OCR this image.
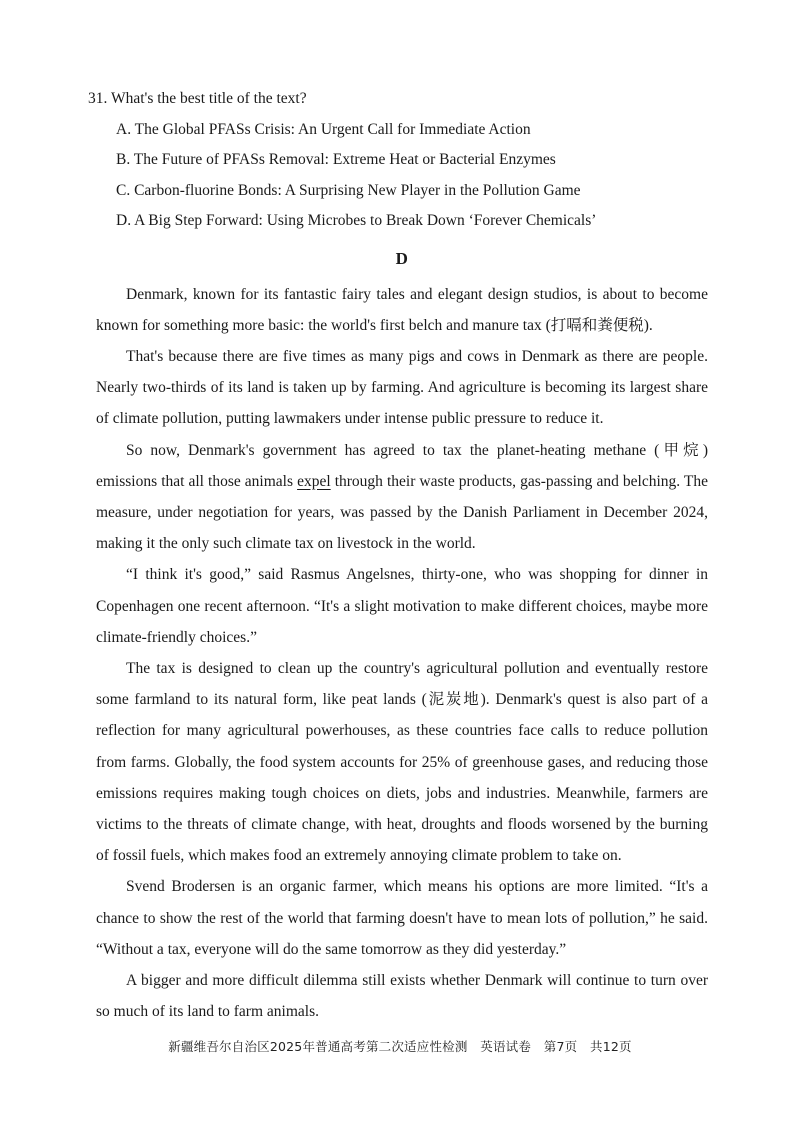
31. What's the best title of the text?
A. The Global PFASs Crisis: An Urgent Call for Immediate Action
B. The Future of PFASs Removal: Extreme Heat or Bacterial Enzymes
C. Carbon-fluorine Bonds: A Surprising New Player in the Pollution Game
D. A Big Step Forward: Using Microbes to Break Down ‘Forever Chemicals’
D

Denmark, known for its fantastic fairy tales and elegant design studios, is about to become known for something more basic: the world's first belch and manure tax (打嗝和粪便税).

That's because there are five times as many pigs and cows in Denmark as there are people. Nearly two-thirds of its land is taken up by farming. And agriculture is becoming its largest share of climate pollution, putting lawmakers under intense public pressure to reduce it.

So now, Denmark's government has agreed to tax the planet-heating methane (甲烷) emissions that all those animals expel through their waste products, gas-passing and belching. The measure, under negotiation for years, was passed by the Danish Parliament in December 2024, making it the only such climate tax on livestock in the world.

“I think it's good,” said Rasmus Angelsnes, thirty-one, who was shopping for dinner in Copenhagen one recent afternoon. “It's a slight motivation to make different choices, maybe more climate-friendly choices.”

The tax is designed to clean up the country's agricultural pollution and eventually restore some farmland to its natural form, like peat lands (泥炭地). Denmark's quest is also part of a reflection for many agricultural powerhouses, as these countries face calls to reduce pollution from farms. Globally, the food system accounts for 25% of greenhouse gases, and reducing those emissions requires making tough choices on diets, jobs and industries. Meanwhile, farmers are victims to the threats of climate change, with heat, droughts and floods worsened by the burning of fossil fuels, which makes food an extremely annoying climate problem to take on.

Svend Brodersen is an organic farmer, which means his options are more limited. “It's a chance to show the rest of the world that farming doesn't have to mean lots of pollution,” he said. “Without a tax, everyone will do the same tomorrow as they did yesterday.”

A bigger and more difficult dilemma still exists whether Denmark will continue to turn over so much of its land to farm animals.

新疆维吾尔自治区2025年普通高考第二次适应性检测　英语试卷　第7页　共12页
